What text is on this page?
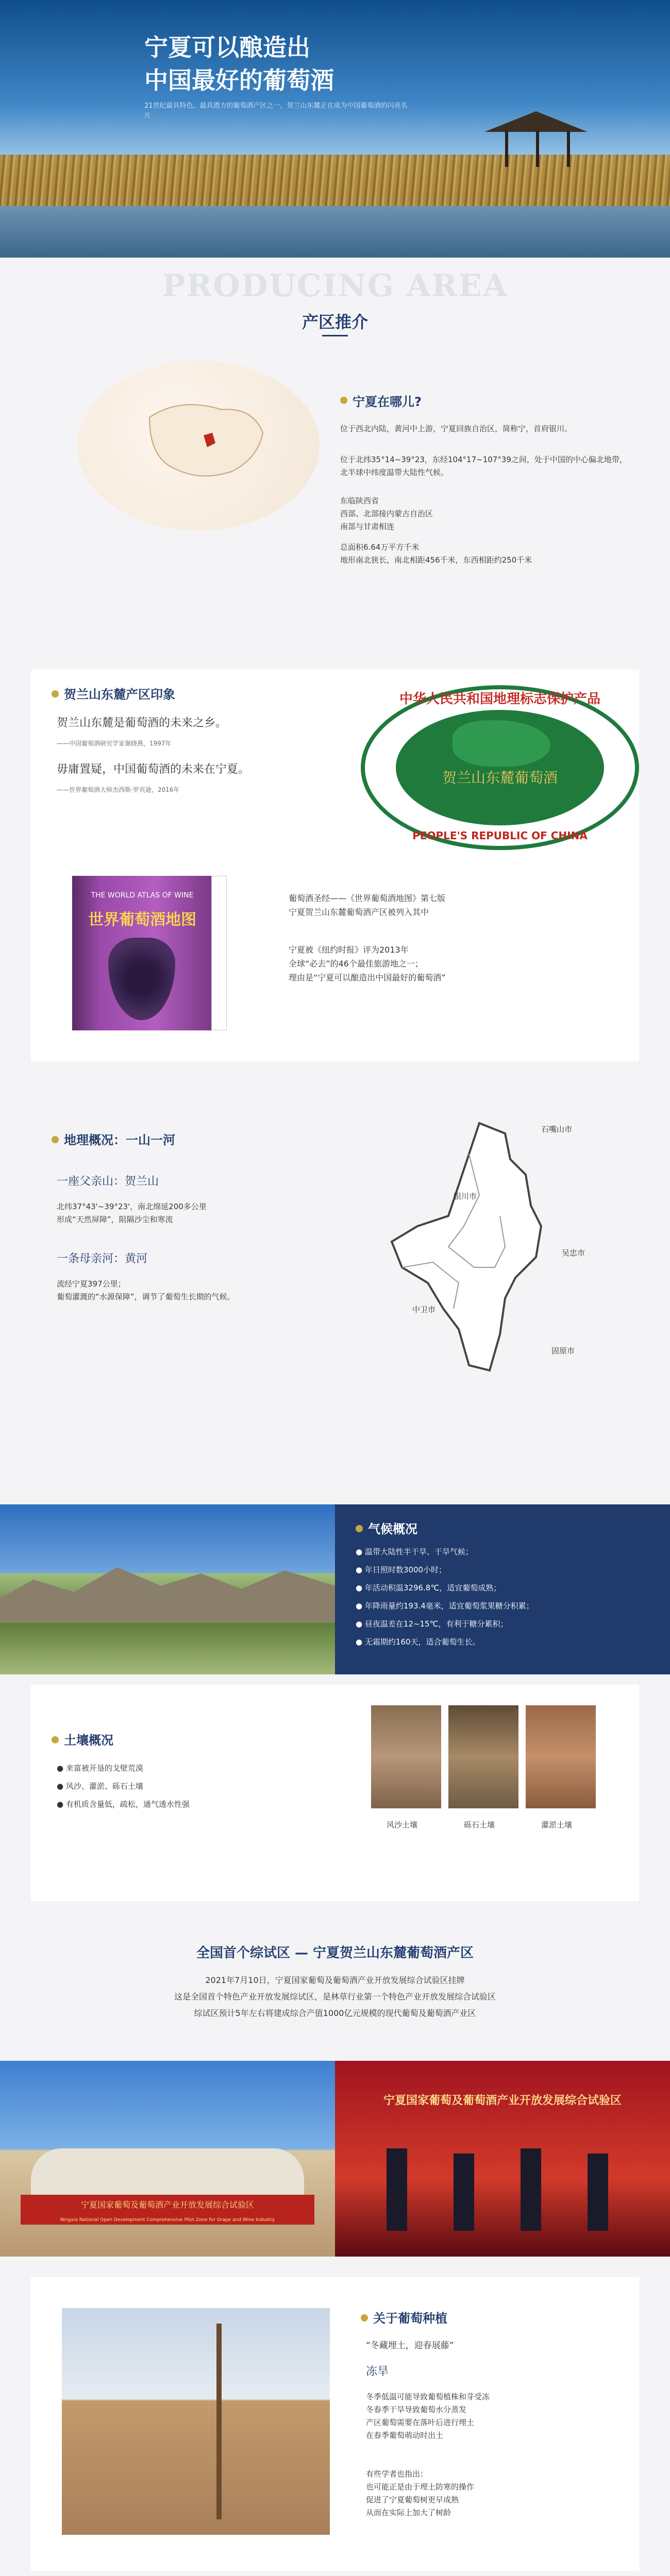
宁夏可以酿造出
中国最好的葡萄酒
21世纪最具特色、最具潜力的葡萄酒产区之一，贺兰山东麓正在成为中国葡萄酒的闪亮名片
PRODUCING AREA
产区推介
宁夏在哪儿?
位于西北内陆，黄河中上游，宁夏回族自治区，简称宁，首府银川。
位于北纬35°14~39°23，东经104°17~107°39之间，处于中国的中心偏北地带，北半球中纬度温带大陆性气候。
东临陕西省
西部、北部接内蒙古自治区
南部与甘肃相连
总面积6.64万平方千米
地形南北狭长，南北相距456千米，东西相距约250千米
贺兰山东麓产区印象
贺兰山东麓是葡萄酒的未来之乡。
——中国葡萄酒研究学家谢晓燕，1997年
毋庸置疑，中国葡萄酒的未来在宁夏。
——世界葡萄酒大师杰西斯·罗宾逊，2016年
中华人民共和国地理标志保护产品
贺兰山东麓葡萄酒
PEOPLE'S REPUBLIC OF CHINA
THE WORLD ATLAS OF WINE
世界葡萄酒地图
葡萄酒圣经——《世界葡萄酒地图》第七版
宁夏贺兰山东麓葡萄酒产区被列入其中
宁夏被《纽约时报》评为2013年
全球“必去”的46个最佳旅游地之一；
理由是“宁夏可以酿造出中国最好的葡萄酒”
地理概况：一山一河
一座父亲山：贺兰山
北纬37°43'~39°23'，南北绵延200多公里
形成“天然屏障”，阻隔沙尘和寒流
一条母亲河：黄河
流经宁夏397公里；
葡萄灌溉的“水源保障”，调节了葡萄生长期的气候。
石嘴山市
银川市
吴忠市
中卫市
固原市
气候概况
● 温带大陆性半干旱、干旱气候；
● 年日照时数3000小时；
● 年活动积温3296.8℃，适宜葡萄成熟；
● 年降雨量约193.4毫米，适宜葡萄浆果糖分积累；
● 昼夜温差在12~15℃，有利于糖分累积；
● 无霜期约160天，适合葡萄生长。
土壤概况
● 来富被开垦的戈壁荒漠
● 风沙、灌淤、砾石土壤
● 有机质含量低，疏松，通气透水性强
风沙土壤	砾石土壤	灌淤土壤
全国首个综试区 — 宁夏贺兰山东麓葡萄酒产区
2021年7月10日，宁夏国家葡萄及葡萄酒产业开放发展综合试验区挂牌
这是全国首个特色产业开放发展综试区，是林草行业第一个特色产业开放发展综合试验区
综试区预计5年左右将建成综合产值1000亿元规模的现代葡萄及葡萄酒产业区
宁夏国家葡萄及葡萄酒产业开放发展综合试验区
Ningxia National Open Development Comprehensive Pilot Zone for Grape and Wine Industry
宁夏国家葡萄及葡萄酒产业开放发展综合试验区
关于葡萄种植
“冬藏埋土，迎春展藤”
冻旱
冬季低温可能导致葡萄植株和芽受冻
冬春季干旱导致葡萄水分蒸发
产区葡萄需要在落叶后进行埋土
在春季葡萄萌动时出土
有些学者也指出：
也可能正是由于埋土防寒的操作
促进了宁夏葡萄树更早成熟
从而在实际上加大了树龄
